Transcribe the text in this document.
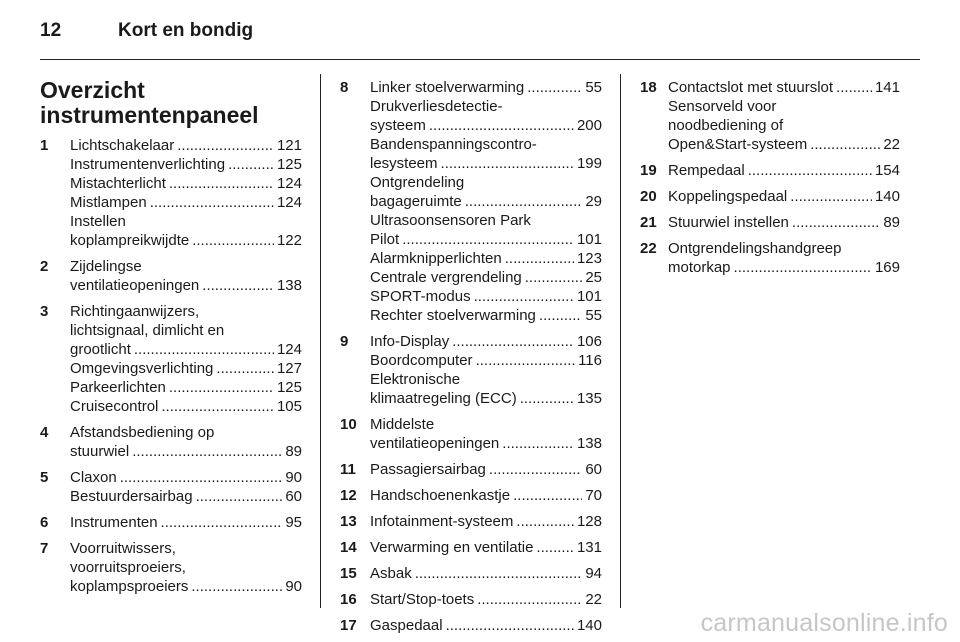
12	Kort en bondig
Overzicht
instrumentenpaneel
1 Lichtschakelaar .....	121
Instrumentenverlichting .....	125
Mistachterlicht .....	124
Mistlampen .....	124
Instellen
koplampreikwijdte .....	122
2 Zijdelingse
ventilatieopeningen .....	138
3 Richtingaanwijzers,
lichtsignaal, dimlicht en
grootlicht .....	124
Omgevingsverlichting .....	127
Parkeerlichten .....	125
Cruisecontrol .....	105
4 Afstandsbediening op
stuurwiel .....	89
5 Claxon .....	90
Bestuurdersairbag .....	60
6 Instrumenten .....	95
7 Voorruitwissers,
voorruitsproeiers,
koplampsproeiers .....	90
8 Linker stoelverwarming .....	55
Drukverliesdetectie-
systeem .....	200
Bandenspanningscontro-
lesysteem .....	199
Ontgrendeling
bagageruimte .....	29
Ultrasoonsensoren Park
Pilot .....	101
Alarmknipperlichten .....	123
Centrale vergrendeling .....	25
SPORT-modus .....	101
Rechter stoelverwarming .....	55
9 Info-Display .....	106
Boordcomputer .....	116
Elektronische
klimaatregeling (ECC) .....	135
10 Middelste
ventilatieopeningen .....	138
11 Passagiersairbag .....	60
12 Handschoenenkastje .....	70
13 Infotainment-systeem .....	128
14 Verwarming en ventilatie .....	131
15 Asbak .....	94
16 Start/Stop-toets .....	22
17 Gaspedaal .....	140
18 Contactslot met stuurslot .....	141
Sensorveld voor
noodbediening of
Open&Start-systeem .....	22
19 Rempedaal .....	154
20 Koppelingspedaal .....	140
21 Stuurwiel instellen .....	89
22 Ontgrendelingshandgreep
motorkap .....	169
carmanualsonline.info
